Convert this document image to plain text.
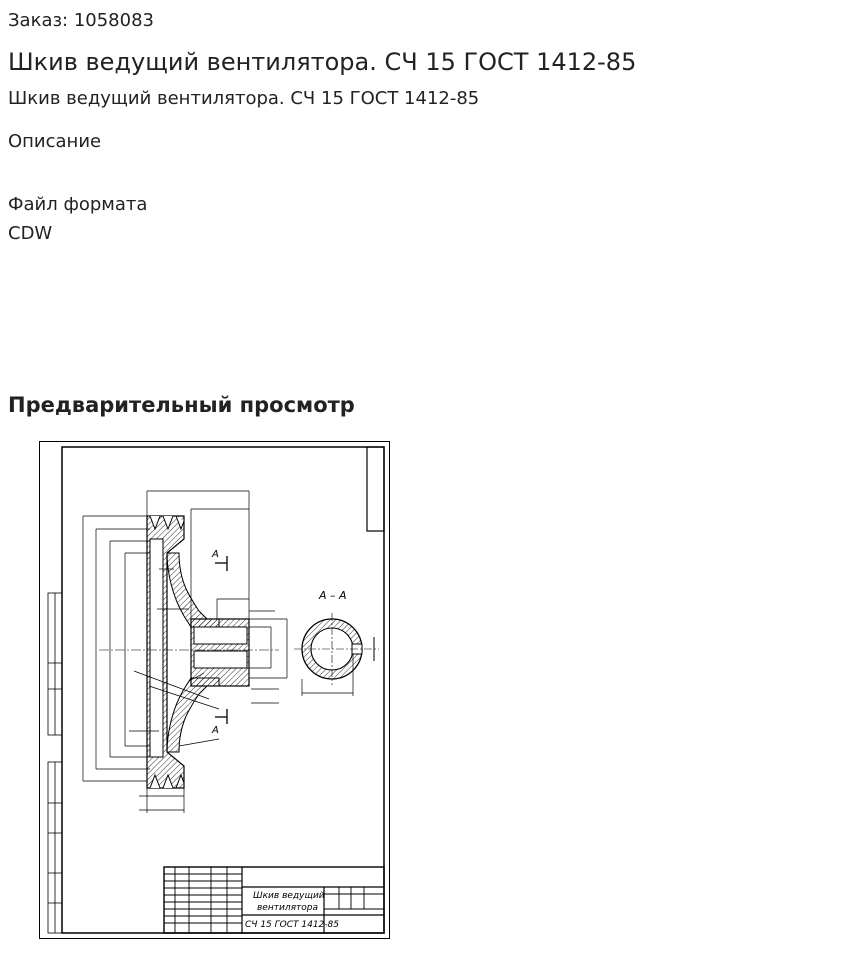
Заказ: 1058083
Шкив ведущий вентилятора. СЧ 15 ГОСТ 1412-85
Шкив ведущий вентилятора. СЧ 15 ГОСТ 1412-85
Описание
Файл формата
CDW
Предварительный просмотр
А
А
А – А
Шкив ведущий
вентилятора
СЧ 15 ГОСТ 1412-85
